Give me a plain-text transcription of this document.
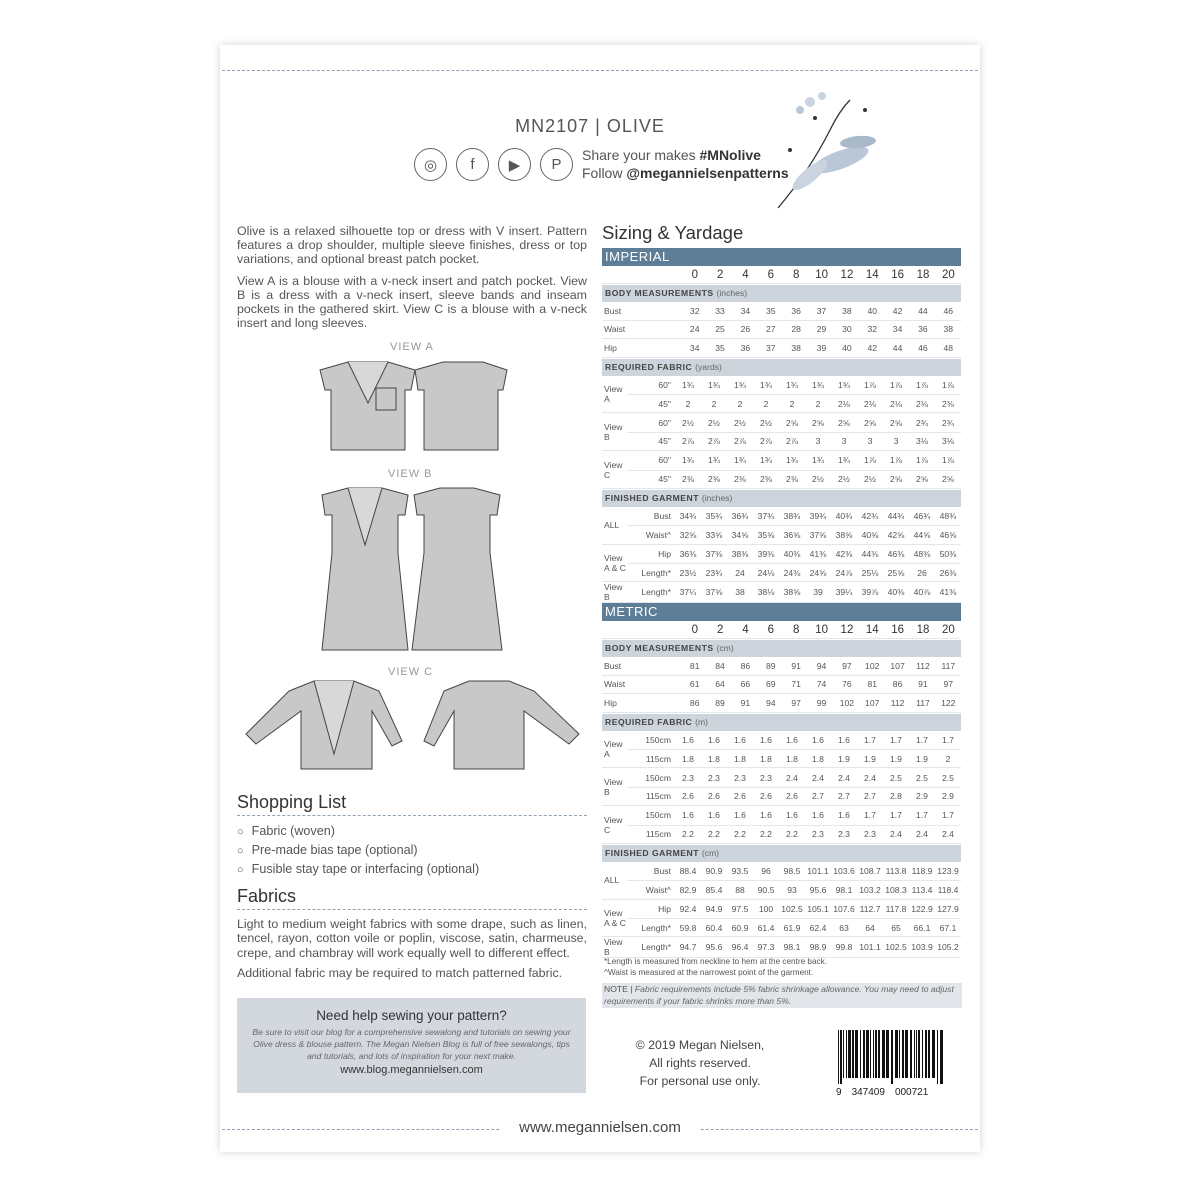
MN2107 | OLIVE
◎	f	▶	P
Share your makes #MNolive
Follow @megannielsenpatterns

Olive is a relaxed silhouette top or dress with V insert. Pattern features a drop shoulder, multiple sleeve finishes, dress or top variations, and optional breast patch pocket.

View A is a blouse with a v-neck insert and patch pocket. View B is a dress with a v-neck insert, sleeve bands and inseam pockets in the gathered skirt. View C is a blouse with a v-neck insert and long sleeves.

VIEW A
VIEW B
VIEW C
Shopping List
○ Fabric (woven)
○ Pre-made bias tape (optional)
○ Fusible stay tape or interfacing (optional)
Fabrics

Light to medium weight fabrics with some drape, such as linen, tencel, rayon, cotton voile or poplin, viscose, satin, charmeuse, crepe, and chambray will work equally well to different effect.

Additional fabric may be required to match patterned fabric.

Need help sewing your pattern?
Be sure to visit our blog for a comprehensive sewalong and tutorials on sewing your Olive dress & blouse pattern. The Megan Nielsen Blog is full of free sewalongs, tips and tutorials, and lots of inspiration for your next make.
www.blog.megannielsen.com
Sizing & Yardage
IMPERIAL
0	2	4	6	8	10	12	14	16	18	20
BODY MEASUREMENTS (inches)
Bust	32	33	34	35	36	37	38	40	42	44	46
Waist	24	25	26	27	28	29	30	32	34	36	38
Hip	34	35	36	37	38	39	40	42	44	46	48
REQUIRED FABRIC (yards)
View A
60"	1¾	1¾	1¾	1¾	1¾	1¾	1¾	1⅞	1⅞	1⅞	1⅞
45"	2	2	2	2	2	2	2⅛	2⅛	2⅛	2⅛	2⅜
View B
60"	2½	2½	2½	2½	2⅝	2⅝	2⅝	2⅝	2⅝	2¾	2¾
45"	2⅞	2⅞	2⅞	2⅞	2⅞	3	3	3	3	3⅛	3⅛
View C
60"	1¾	1¾	1¾	1¾	1¾	1¾	1¾	1⅞	1⅞	1⅞	1⅞
45"	2⅜	2⅜	2⅜	2⅜	2⅜	2½	2½	2½	2⅝	2⅝	2⅝
FINISHED GARMENT (inches)
ALL
Bust	34¾	35¾	36¾	37¾	38¾	39¾	40¾	42¾	44¾	46¾	48¾
Waist^	32⅝	33⅝	34⅝	35⅝	36⅝	37⅝	38⅝	40⅝	42⅝	44⅝	46⅝
View A & C
Hip	36⅜	37⅜	38⅜	39⅜	40⅜	41⅜	42⅜	44⅜	46⅜	48⅜	50⅜
Length*	23½	23¾	24	24⅛	24⅜	24⅝	24⅞	25⅛	25⅝	26	26⅜
View B
Length*	37¼	37⅝	38	38⅛	38⅝	39	39¼	39⅞	40⅜	40⅞	41⅜
METRIC
0	2	4	6	8	10	12	14	16	18	20
BODY MEASUREMENTS (cm)
Bust	81	84	86	89	91	94	97	102	107	112	117
Waist	61	64	66	69	71	74	76	81	86	91	97
Hip	86	89	91	94	97	99	102	107	112	117	122
REQUIRED FABRIC (m)
View A
150cm	1.6	1.6	1.6	1.6	1.6	1.6	1.6	1.7	1.7	1.7	1.7
115cm	1.8	1.8	1.8	1.8	1.8	1.8	1.9	1.9	1.9	1.9	2
View B
150cm	2.3	2.3	2.3	2.3	2.4	2.4	2.4	2.4	2.5	2.5	2.5
115cm	2.6	2.6	2.6	2.6	2.6	2.7	2.7	2.7	2.8	2.9	2.9
View C
150cm	1.6	1.6	1.6	1.6	1.6	1.6	1.6	1.7	1.7	1.7	1.7
115cm	2.2	2.2	2.2	2.2	2.2	2.3	2.3	2.3	2.4	2.4	2.4
FINISHED GARMENT (cm)
ALL
Bust	88.4	90.9	93.5	96	98.5 101.1 103.6 108.7 113.8 118.9 123.9
Waist^	82.9	85.4	88	90.5	93	95.6	98.1 103.2 108.3 113.4 118.4
View A & C
Hip	92.4	94.9	97.5	100 102.5 105.1 107.6 112.7 117.8 122.9 127.9
Length*	59.8	60.4	60.9	61.4	61.9	62.4	63	64	65	66.1	67.1
View B
Length*	94.7	95.6	96.4	97.3	98.1	98.9	99.8 101.1 102.5 103.9 105.2
*Length is measured from neckline to hem at the centre back.
^Waist is measured at the narrowest point of the garment.
NOTE | Fabric requirements include 5% fabric shrinkage allowance. You may need to adjust requirements if your fabric shrinks more than 5%.
© 2019 Megan Nielsen,
All rights reserved.
For personal use only.
9 347409 000721
www.megannielsen.com
